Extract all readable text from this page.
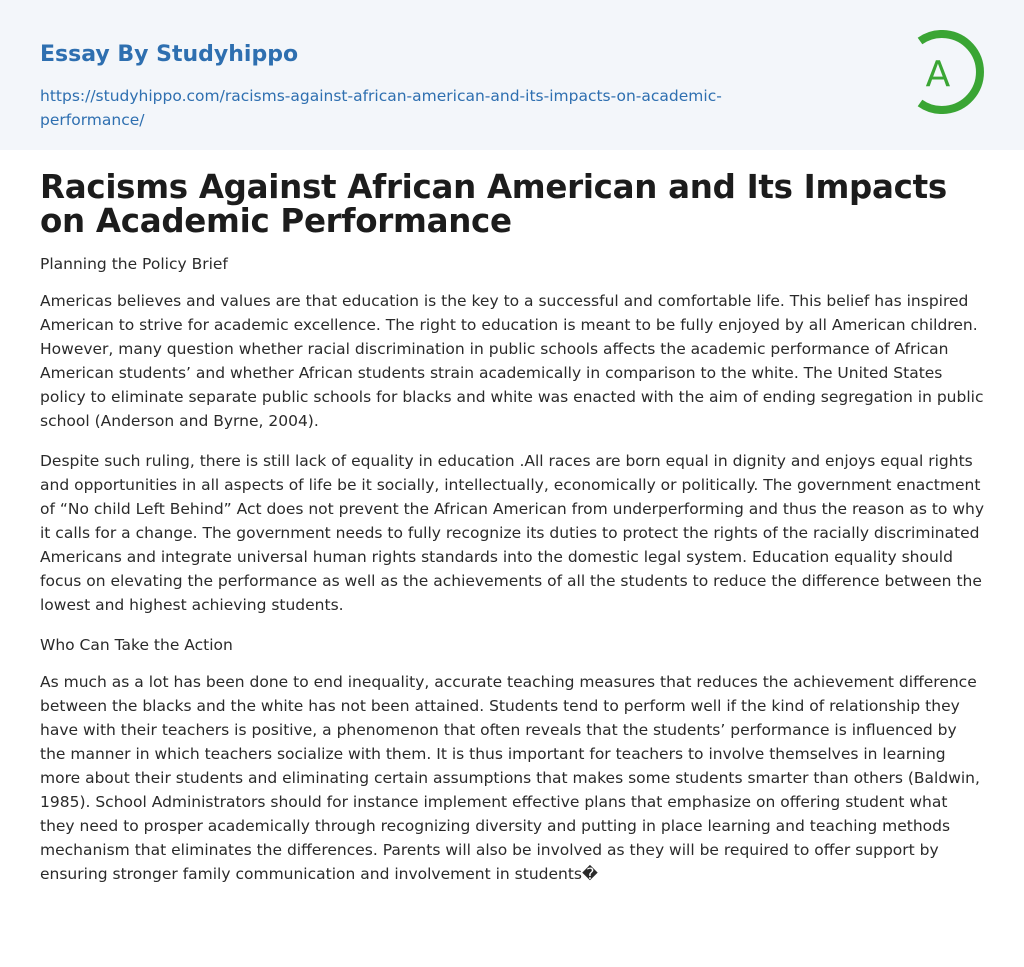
Essay By Studyhippo
https://studyhippo.com/racisms-against-african-american-and-its-impacts-on-academic-performance/
A
Racisms Against African American and Its Impacts on Academic Performance
Planning the Policy Brief

Americas believes and values are that education is the key to a successful and comfortable life. This belief has inspired American to strive for academic excellence. The right to education is meant to be fully enjoyed by all American children. However, many question whether racial discrimination in public schools affects the academic performance of African American students’ and whether African students strain academically in comparison to the white. The United States policy to eliminate separate public schools for blacks and white was enacted with the aim of ending segregation in public school (Anderson and Byrne, 2004).

Despite such ruling, there is still lack of equality in education .All races are born equal in dignity and enjoys equal rights and opportunities in all aspects of life be it socially, intellectually, economically or politically. The government enactment of “No child Left Behind” Act does not prevent the African American from underperforming and thus the reason as to why it calls for a change. The government needs to fully recognize its duties to protect the rights of the racially discriminated Americans and integrate universal human rights standards into the domestic legal system. Education equality should focus on elevating the performance as well as the achievements of all the students to reduce the difference between the lowest and highest achieving students.

Who Can Take the Action

As much as a lot has been done to end inequality, accurate teaching measures that reduces the achievement difference between the blacks and the white has not been attained. Students tend to perform well if the kind of relationship they have with their teachers is positive, a phenomenon that often reveals that the students’ performance is influenced by the manner in which teachers socialize with them. It is thus important for teachers to involve themselves in learning more about their students and eliminating certain assumptions that makes some students smarter than others (Baldwin, 1985). School Administrators should for instance implement effective plans that emphasize on offering student what they need to prosper academically through recognizing diversity and putting in place learning and teaching methods mechanism that eliminates the differences. Parents will also be involved as they will be required to offer support by ensuring stronger family communication and involvement in students�
